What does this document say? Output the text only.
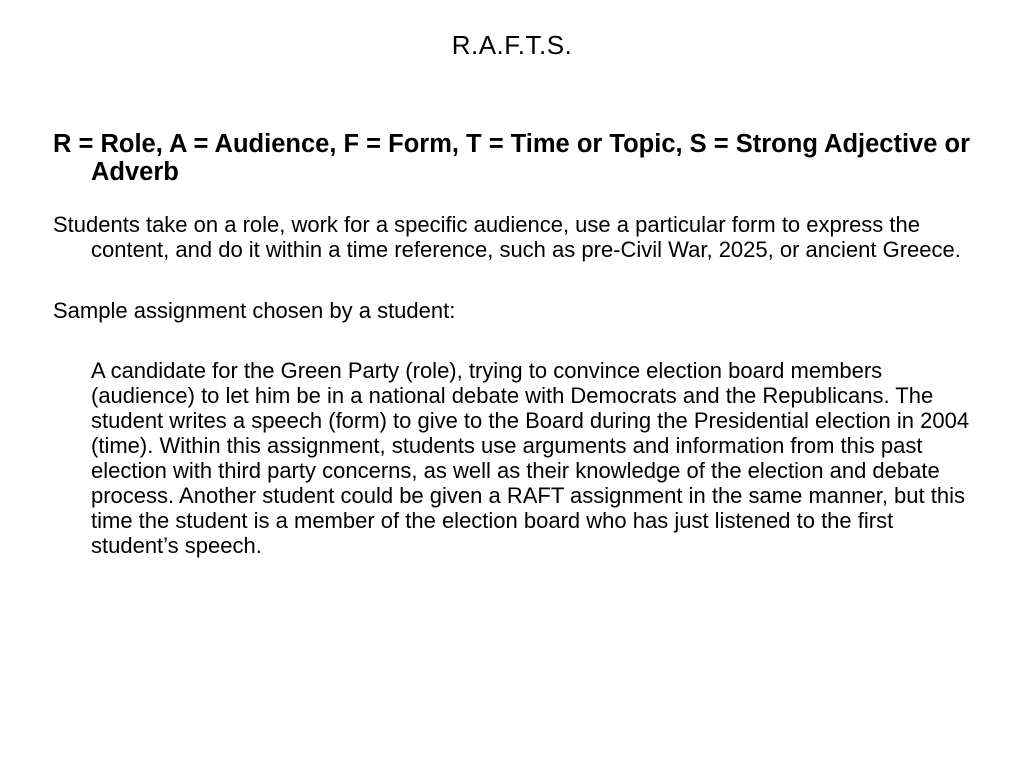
R.A.F.T.S.

R = Role, A = Audience, F = Form, T = Time or Topic, S = Strong Adjective or Adverb

Students take on a role, work for a specific audience, use a particular form to express the content, and do it within a time reference, such as pre-Civil War, 2025, or ancient Greece.

Sample assignment chosen by a student:

A candidate for the Green Party (role), trying to convince election board members (audience) to let him be in a national debate with Democrats and the Republicans. The student writes a speech (form) to give to the Board during the Presidential election in 2004 (time). Within this assignment, students use arguments and information from this past election with third party concerns, as well as their knowledge of the election and debate process. Another student could be given a RAFT assignment in the same manner, but this time the student is a member of the election board who has just listened to the first student’s speech.
